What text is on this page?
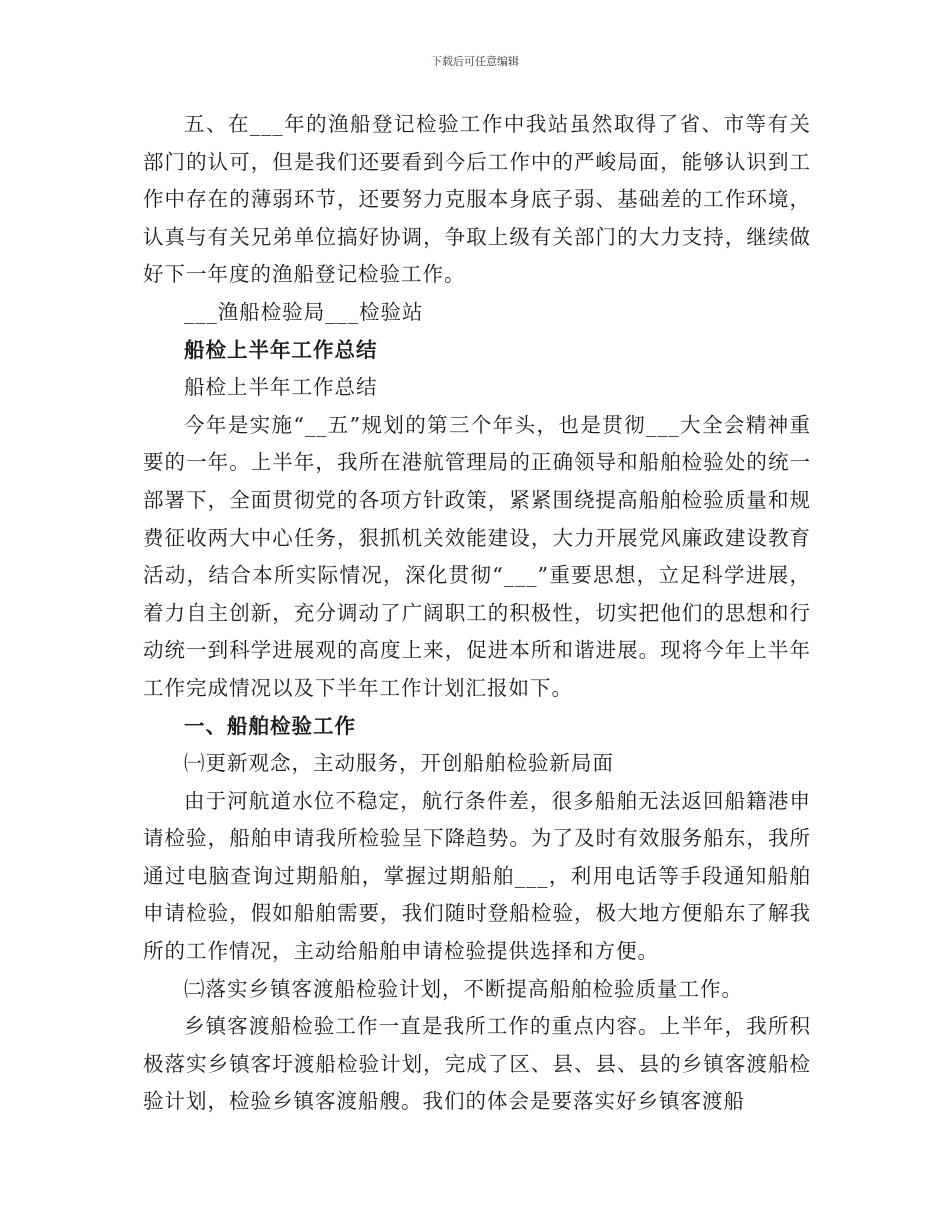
下载后可任意编辑

五、在___年的渔船登记检验工作中我站虽然取得了省、市等有关部门的认可，但是我们还要看到今后工作中的严峻局面，能够认识到工作中存在的薄弱环节，还要努力克服本身底子弱、基础差的工作环境，认真与有关兄弟单位搞好协调，争取上级有关部门的大力支持，继续做好下一年度的渔船登记检验工作。

___渔船检验局___检验站

船检上半年工作总结

船检上半年工作总结

今年是实施“__五”规划的第三个年头，也是贯彻___大全会精神重要的一年。上半年，我所在港航管理局的正确领导和船舶检验处的统一部署下，全面贯彻党的各项方针政策，紧紧围绕提高船舶检验质量和规费征收两大中心任务，狠抓机关效能建设，大力开展党风廉政建设教育活动，结合本所实际情况，深化贯彻“___”重要思想，立足科学进展，着力自主创新，充分调动了广阔职工的积极性，切实把他们的思想和行动统一到科学进展观的高度上来，促进本所和谐进展。现将今年上半年工作完成情况以及下半年工作计划汇报如下。

一、船舶检验工作

㈠更新观念，主动服务，开创船舶检验新局面

由于河航道水位不稳定，航行条件差，很多船舶无法返回船籍港申请检验，船舶申请我所检验呈下降趋势。为了及时有效服务船东，我所通过电脑查询过期船舶，掌握过期船舶___，利用电话等手段通知船舶申请检验，假如船舶需要，我们随时登船检验，极大地方便船东了解我所的工作情况，主动给船舶申请检验提供选择和方便。

㈡落实乡镇客渡船检验计划，不断提高船舶检验质量工作。

乡镇客渡船检验工作一直是我所工作的重点内容。上半年，我所积极落实乡镇客圩渡船检验计划，完成了区、县、县、县的乡镇客渡船检验计划，检验乡镇客渡船艘。我们的体会是要落实好乡镇客渡船
